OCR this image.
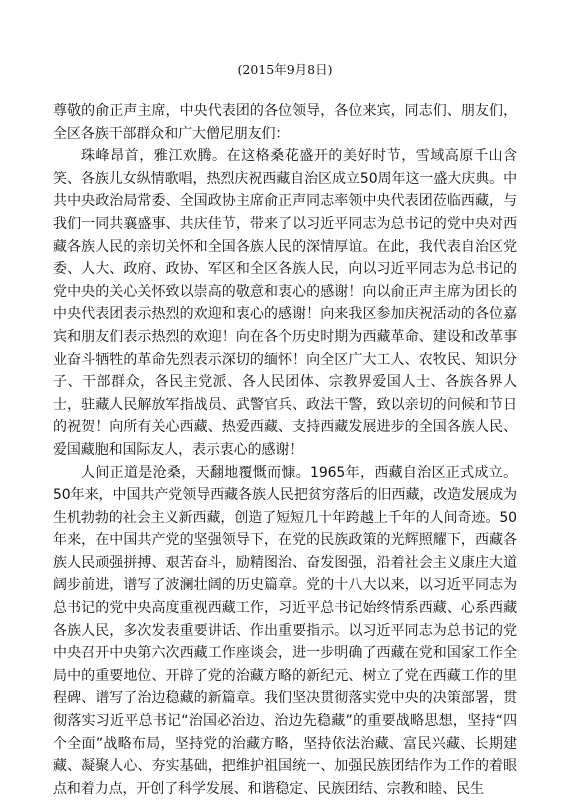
(2015年9月8日)

尊敬的俞正声主席，中央代表团的各位领导，各位来宾，同志们、朋友们，全区各族干部群众和广大僧尼朋友们：

珠峰昂首，雅江欢腾。在这格桑花盛开的美好时节，雪域高原千山含笑、各族儿女纵情歌唱，热烈庆祝西藏自治区成立50周年这一盛大庆典。中共中央政治局常委、全国政协主席俞正声同志率领中央代表团莅临西藏，与我们一同共襄盛事、共庆佳节，带来了以习近平同志为总书记的党中央对西藏各族人民的亲切关怀和全国各族人民的深情厚谊。在此，我代表自治区党委、人大、政府、政协、军区和全区各族人民，向以习近平同志为总书记的党中央的关心关怀致以崇高的敬意和衷心的感谢！向以俞正声主席为团长的中央代表团表示热烈的欢迎和衷心的感谢！向来我区参加庆祝活动的各位嘉宾和朋友们表示热烈的欢迎！向在各个历史时期为西藏革命、建设和改革事业奋斗牺牲的革命先烈表示深切的缅怀！向全区广大工人、农牧民、知识分子、干部群众，各民主党派、各人民团体、宗教界爱国人士、各族各界人士，驻藏人民解放军指战员、武警官兵、政法干警，致以亲切的问候和节日的祝贺！向所有关心西藏、热爱西藏、支持西藏发展进步的全国各族人民、爱国藏胞和国际友人，表示衷心的感谢！

人间正道是沧桑，天翻地覆慨而慷。1965年，西藏自治区正式成立。50年来，中国共产党领导西藏各族人民把贫穷落后的旧西藏，改造发展成为生机勃勃的社会主义新西藏，创造了短短几十年跨越上千年的人间奇迹。50年来，在中国共产党的坚强领导下，在党的民族政策的光辉照耀下，西藏各族人民顽强拼搏、艰苦奋斗，励精图治、奋发图强，沿着社会主义康庄大道阔步前进，谱写了波澜壮阔的历史篇章。党的十八大以来，以习近平同志为总书记的党中央高度重视西藏工作，习近平总书记始终情系西藏、心系西藏各族人民，多次发表重要讲话、作出重要指示。以习近平同志为总书记的党中央召开中央第六次西藏工作座谈会，进一步明确了西藏在党和国家工作全局中的重要地位、开辟了党的治藏方略的新纪元、树立了党在西藏工作的里程碑、谱写了治边稳藏的新篇章。我们坚决贯彻落实党中央的决策部署，贯彻落实习近平总书记“治国必治边、治边先稳藏”的重要战略思想，坚持“四个全面”战略布局，坚持党的治藏方略，坚持依法治藏、富民兴藏、长期建藏、凝聚人心、夯实基础，把维护祖国统一、加强民族团结作为工作的着眼点和着力点，开创了科学发展、和谐稳定、民族团结、宗教和睦、民生
